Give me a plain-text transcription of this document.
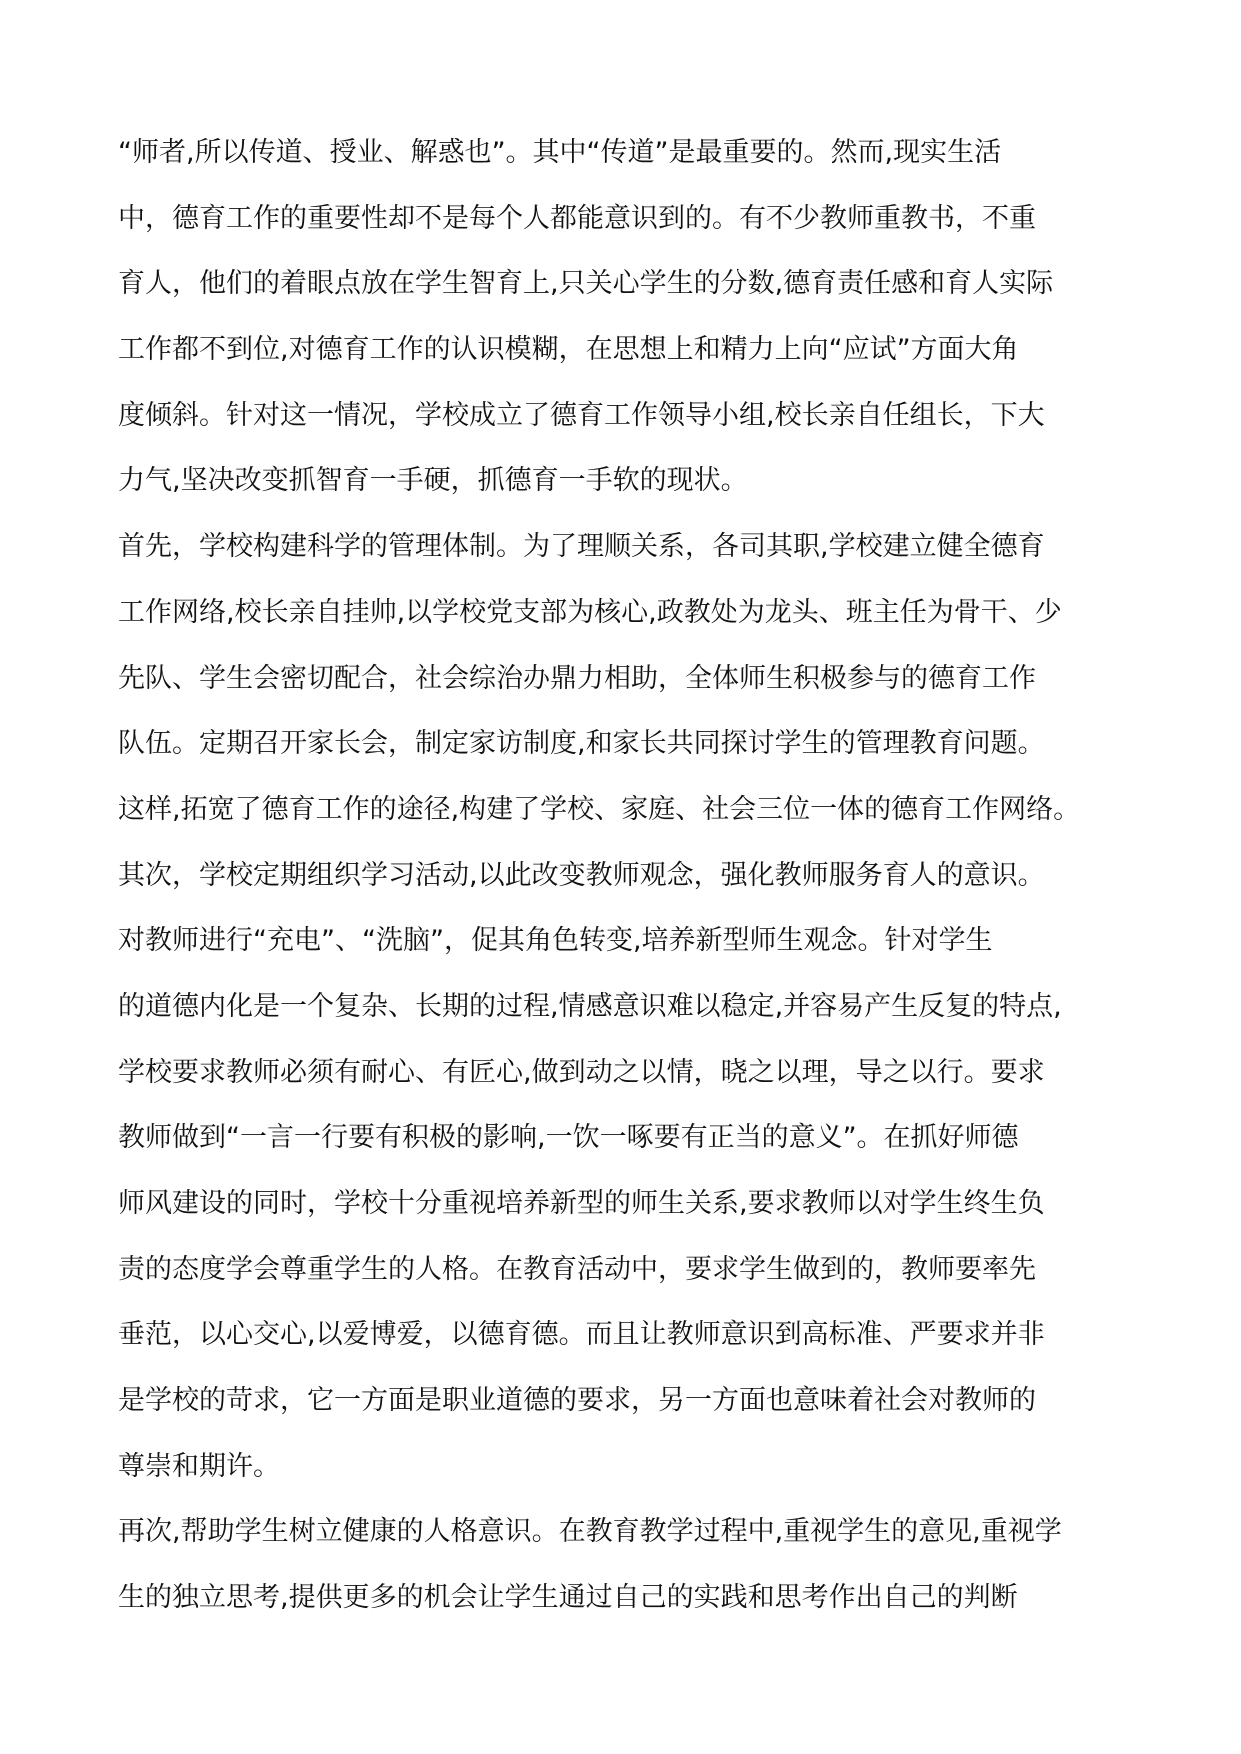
“师者,所以传道、授业、解惑也”。其中“传道”是最重要的。然而,现实生活
中，德育工作的重要性却不是每个人都能意识到的。有不少教师重教书，不重
育人，他们的着眼点放在学生智育上,只关心学生的分数,德育责任感和育人实际
工作都不到位,对德育工作的认识模糊，在思想上和精力上向“应试”方面大角
度倾斜。针对这一情况，学校成立了德育工作领导小组,校长亲自任组长，下大
力气,坚决改变抓智育一手硬，抓德育一手软的现状。
首先，学校构建科学的管理体制。为了理顺关系，各司其职,学校建立健全德育
工作网络,校长亲自挂帅,以学校党支部为核心,政教处为龙头、班主任为骨干、少
先队、学生会密切配合，社会综治办鼎力相助，全体师生积极参与的德育工作
队伍。定期召开家长会，制定家访制度,和家长共同探讨学生的管理教育问题。
这样,拓宽了德育工作的途径,构建了学校、家庭、社会三位一体的德育工作网络。
其次，学校定期组织学习活动,以此改变教师观念，强化教师服务育人的意识。
对教师进行“充电”、“洗脑”，促其角色转变,培养新型师生观念。针对学生
的道德内化是一个复杂、长期的过程,情感意识难以稳定,并容易产生反复的特点,
学校要求教师必须有耐心、有匠心,做到动之以情，晓之以理，导之以行。要求
教师做到“一言一行要有积极的影响,一饮一啄要有正当的意义”。在抓好师德
师风建设的同时，学校十分重视培养新型的师生关系,要求教师以对学生终生负
责的态度学会尊重学生的人格。在教育活动中，要求学生做到的，教师要率先
垂范，以心交心,以爱博爱，以德育德。而且让教师意识到高标准、严要求并非
是学校的苛求，它一方面是职业道德的要求，另一方面也意味着社会对教师的
尊崇和期许。
再次,帮助学生树立健康的人格意识。在教育教学过程中,重视学生的意见,重视学
生的独立思考,提供更多的机会让学生通过自己的实践和思考作出自己的判断
